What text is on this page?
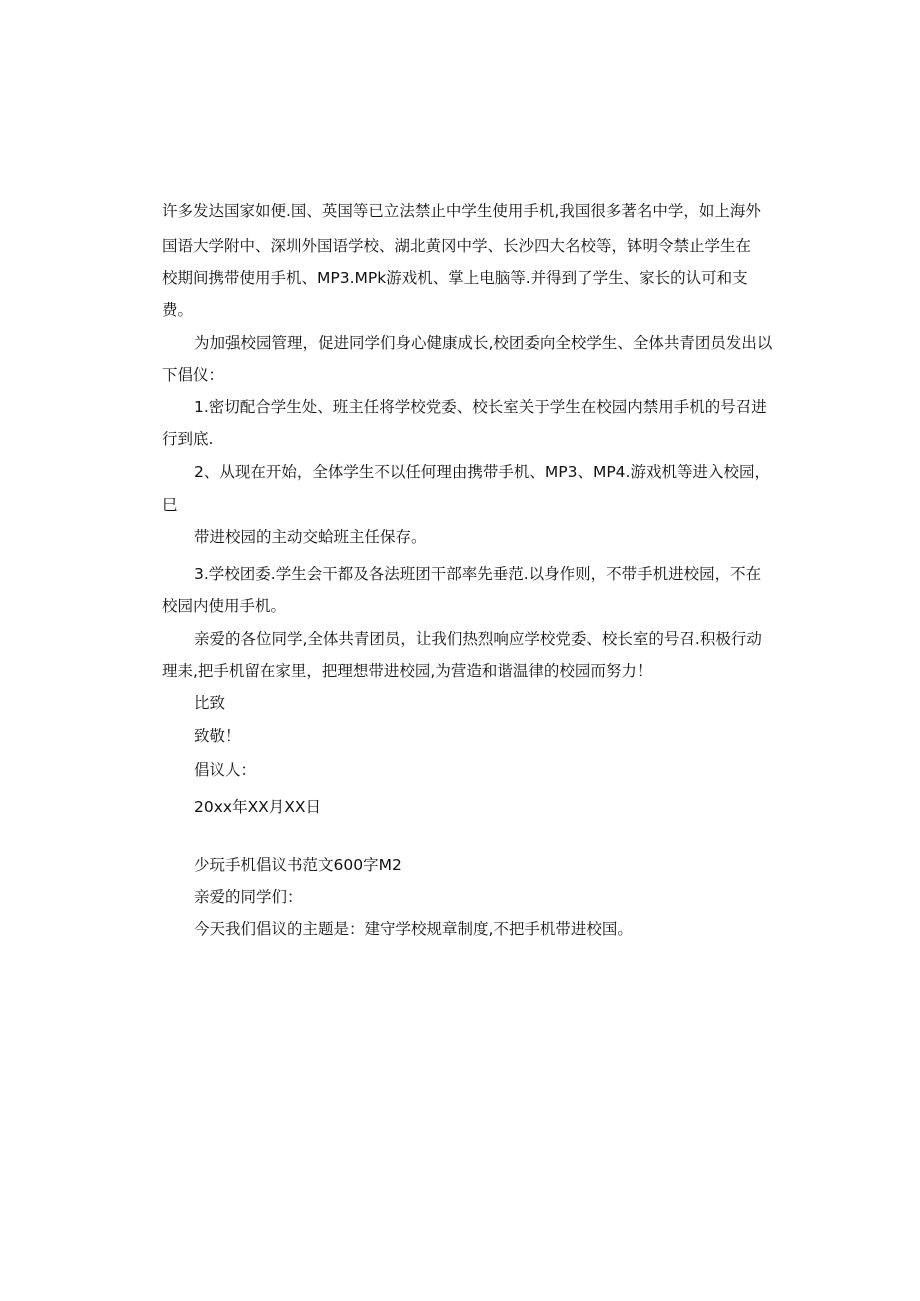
许多发达国家如便.国、英国等已立法禁止中学生使用手机,我国很多著名中学，如上海外
国语大学附中、深圳外国语学校、湖北黄冈中学、长沙四大名校等，钵明令禁止学生在
校期间携带使用手机、MP3.MPk游戏机、掌上电脑等.并得到了学生、家长的认可和支
费。
为加强校园管理，促进同学们身心健康成长,校团委向全校学生、全体共青团员发出以
下倡仪：
1.密切配合学生处、班主任将学校党委、校长室关于学生在校园内禁用手机的号召进
行到底.
2、从现在开始，全体学生不以任何理由携带手机、MP3、MP4.游戏机等进入校园，
巳
带进校园的主动交蛤班主任保存。
3.学校团委.学生会干都及各法班团干部率先垂范.以身作则，不带手机进校园，不在
校园内使用手机。
亲爱的各位同学,全体共青团员，让我们热烈响应学校党委、校长室的号召.积极行动
理耒,把手机留在家里，把理想带进校园,为营造和谐温律的校园而努力！
比致
致敬！
倡议人：
20xx年XX月XX日
少玩手机倡议书范文600字M2
亲爱的同学们：
今天我们倡议的主题是：建守学校规章制度,不把手机带进校国。
